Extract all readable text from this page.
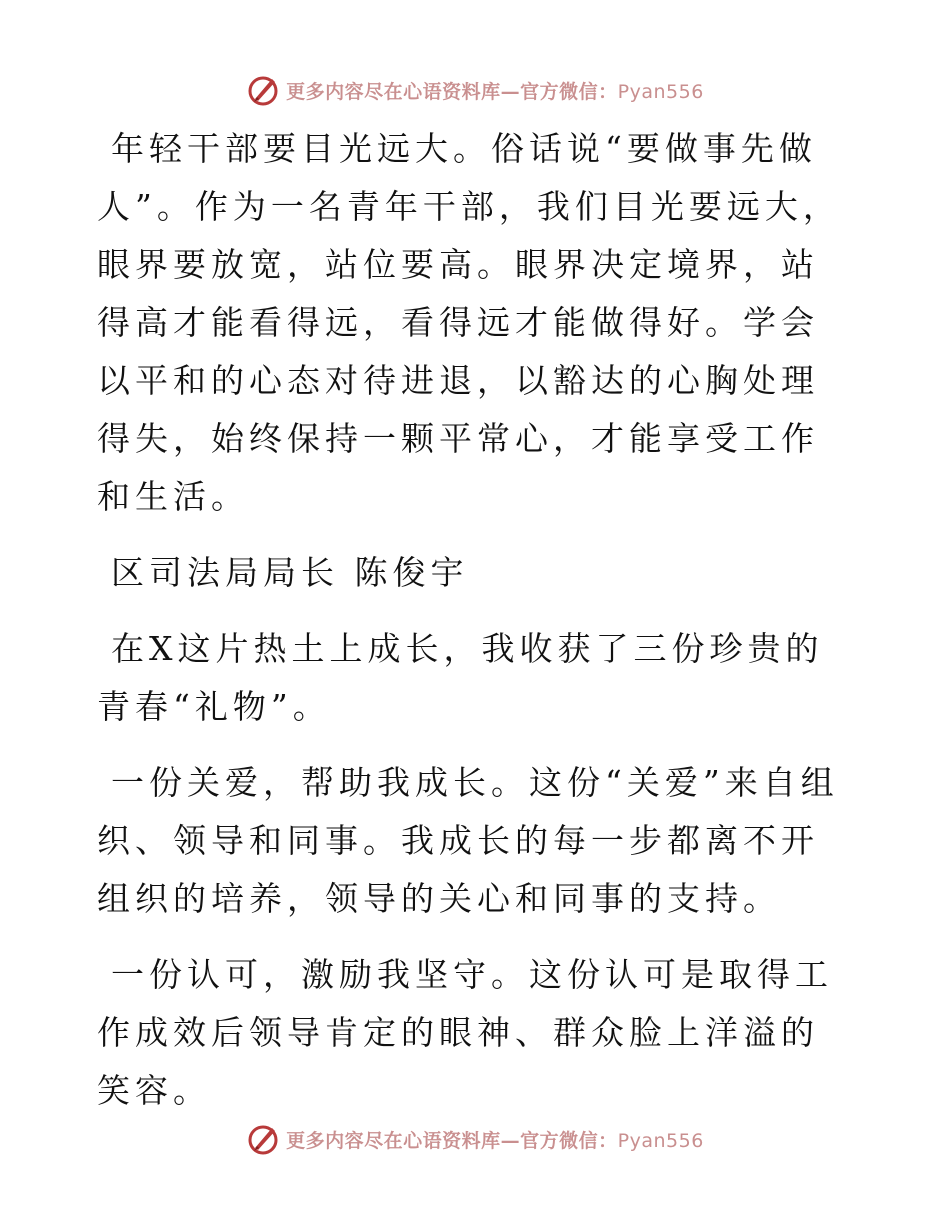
更多内容尽在心语资料库—官方微信：Pyan556

年轻干部要目光远大。俗话说“要做事先做人”。作为一名青年干部，我们目光要远大，眼界要放宽，站位要高。眼界决定境界，站得高才能看得远，看得远才能做得好。学会以平和的心态对待进退，以豁达的心胸处理得失，始终保持一颗平常心，才能享受工作和生活。

区司法局局长 陈俊宇

在X这片热土上成长，我收获了三份珍贵的青春“礼物”。

一份关爱，帮助我成长。这份“关爱”来自组织、领导和同事。我成长的每一步都离不开组织的培养，领导的关心和同事的支持。

一份认可，激励我坚守。这份认可是取得工作成效后领导肯定的眼神、群众脸上洋溢的笑容。

更多内容尽在心语资料库—官方微信：Pyan556
